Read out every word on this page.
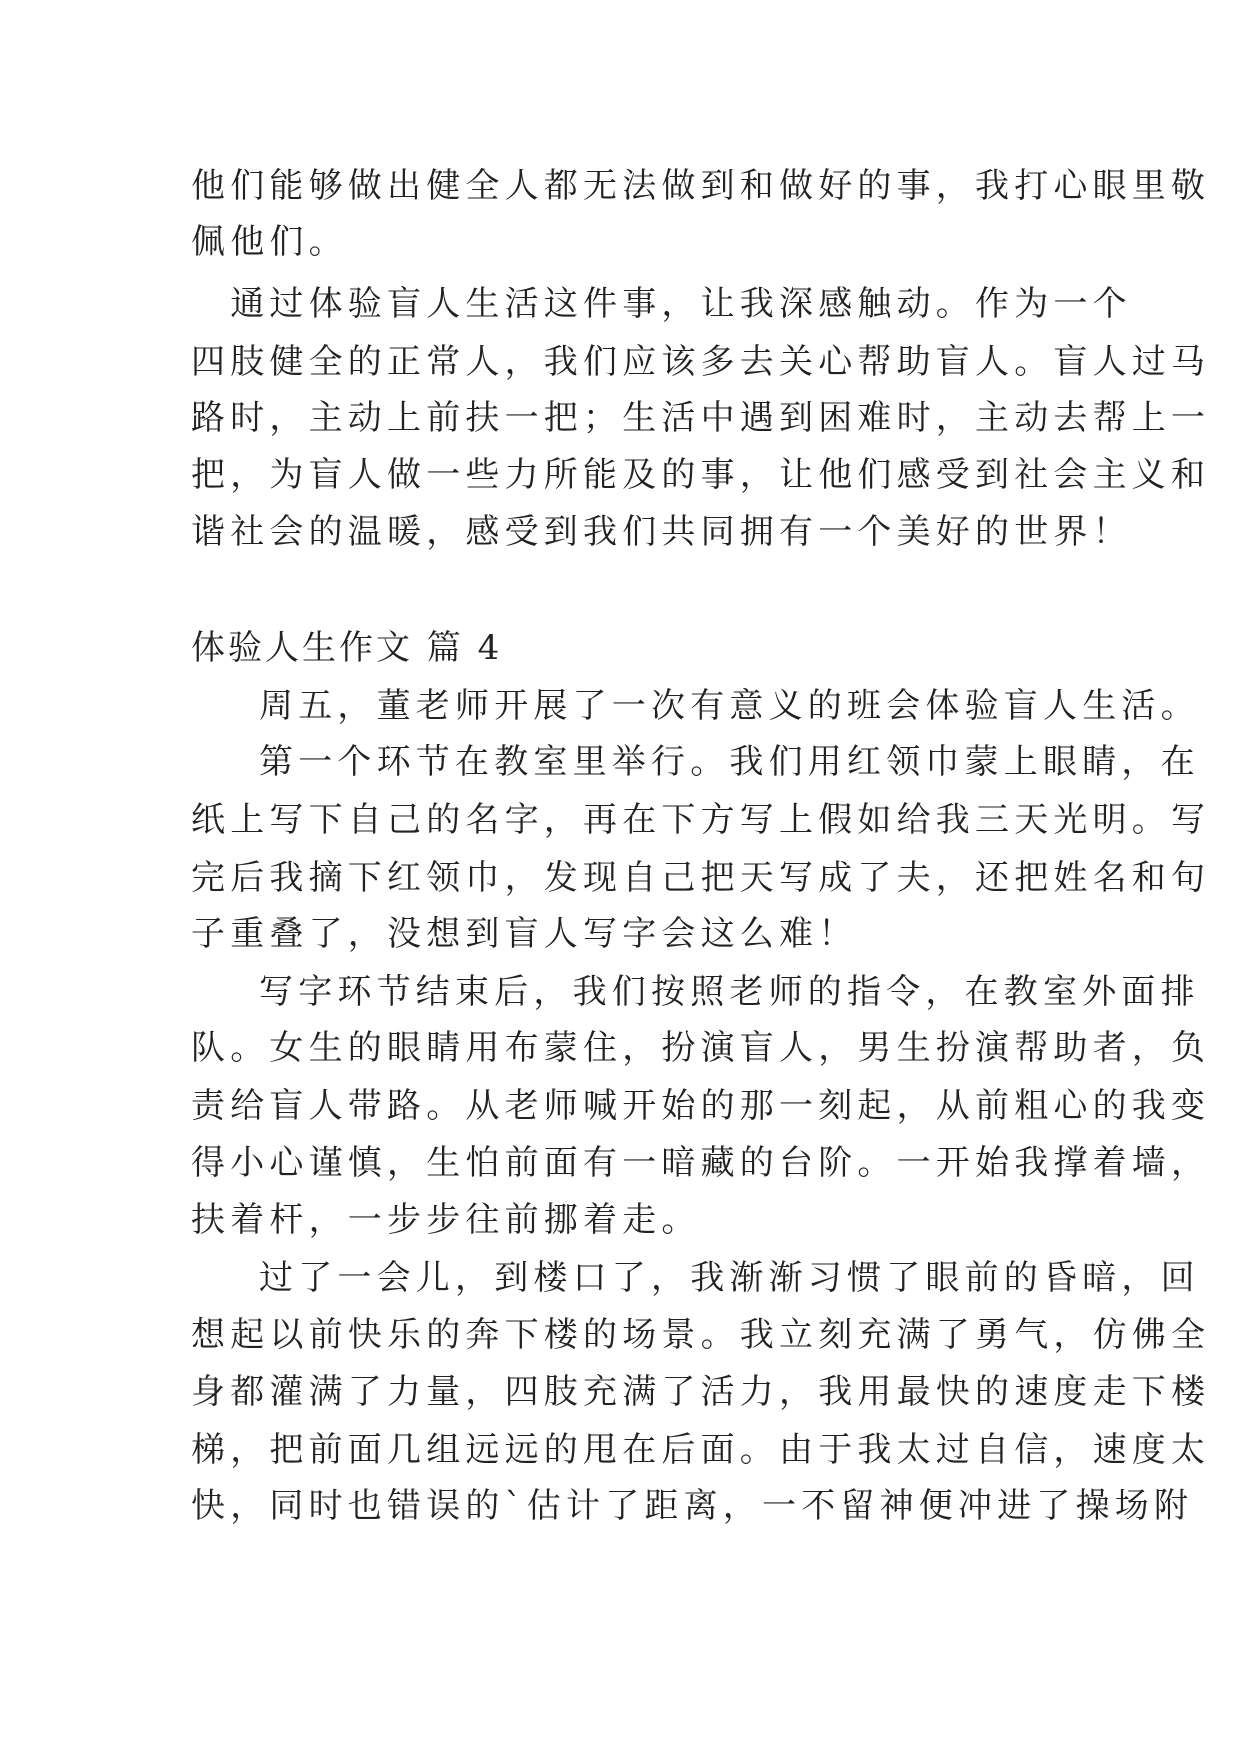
他们能够做出健全人都无法做到和做好的事，我打心眼里敬
佩他们。
　通过体验盲人生活这件事，让我深感触动。作为一个
四肢健全的正常人，我们应该多去关心帮助盲人。盲人过马
路时，主动上前扶一把；生活中遇到困难时，主动去帮上一
把，为盲人做一些力所能及的事，让他们感受到社会主义和
谐社会的温暖，感受到我们共同拥有一个美好的世界！
体验人生作文 篇 4
周五，董老师开展了一次有意义的班会体验盲人生活。
第一个环节在教室里举行。我们用红领巾蒙上眼睛，在
纸上写下自己的名字，再在下方写上假如给我三天光明。写
完后我摘下红领巾，发现自己把天写成了夫，还把姓名和句
子重叠了，没想到盲人写字会这么难！
写字环节结束后，我们按照老师的指令，在教室外面排
队。女生的眼睛用布蒙住，扮演盲人，男生扮演帮助者，负
责给盲人带路。从老师喊开始的那一刻起，从前粗心的我变
得小心谨慎，生怕前面有一暗藏的台阶。一开始我撑着墙，
扶着杆，一步步往前挪着走。
过了一会儿，到楼口了，我渐渐习惯了眼前的昏暗，回
想起以前快乐的奔下楼的场景。我立刻充满了勇气，仿佛全
身都灌满了力量，四肢充满了活力，我用最快的速度走下楼
梯，把前面几组远远的甩在后面。由于我太过自信，速度太
快，同时也错误的`估计了距离，一不留神便冲进了操场附
